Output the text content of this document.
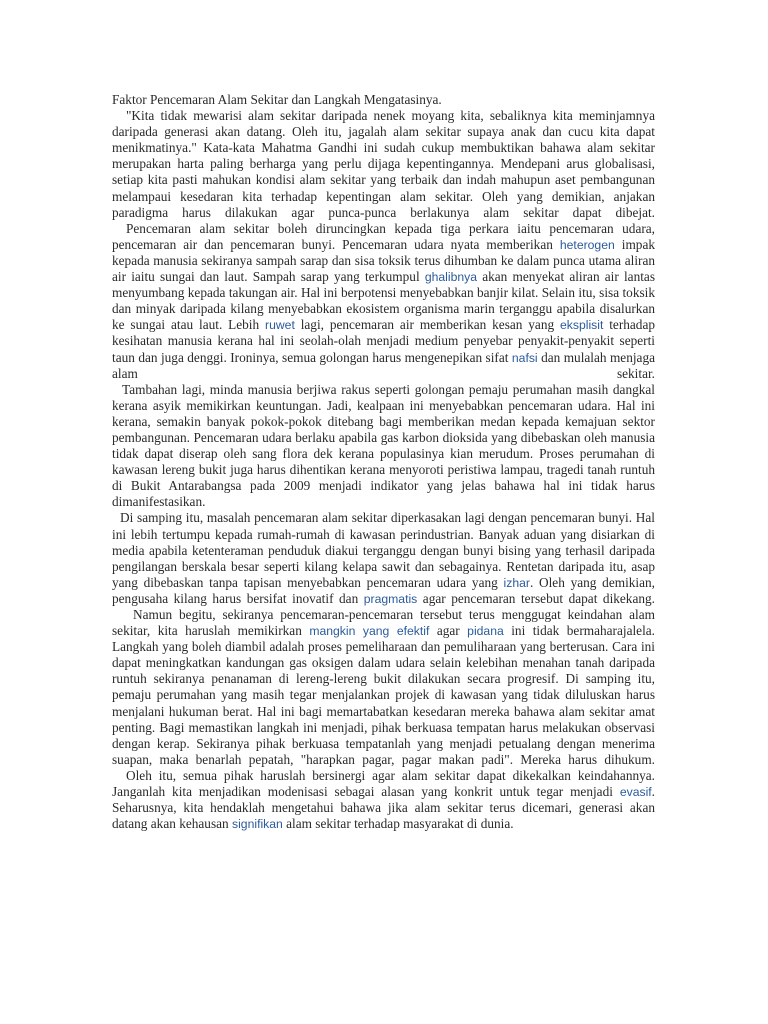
Faktor Pencemaran Alam Sekitar dan Langkah Mengatasinya.

"Kita tidak mewarisi alam sekitar daripada nenek moyang kita, sebaliknya kita meminjamnya daripada generasi akan datang. Oleh itu, jagalah alam sekitar supaya anak dan cucu kita dapat menikmatinya." Kata-kata Mahatma Gandhi ini sudah cukup membuktikan bahawa alam sekitar merupakan harta paling berharga yang perlu dijaga kepentingannya. Mendepani arus globalisasi, setiap kita pasti mahukan kondisi alam sekitar yang terbaik dan indah mahupun aset pembangunan melampaui kesedaran kita terhadap kepentingan alam sekitar. Oleh yang demikian, anjakan paradigma harus dilakukan agar punca-punca berlakunya alam sekitar dapat dibejat.

Pencemaran alam sekitar boleh diruncingkan kepada tiga perkara iaitu pencemaran udara, pencemaran air dan pencemaran bunyi. Pencemaran udara nyata memberikan heterogen impak kepada manusia sekiranya sampah sarap dan sisa toksik terus dihumban ke dalam punca utama aliran air iaitu sungai dan laut. Sampah sarap yang terkumpul ghalibnya akan menyekat aliran air lantas menyumbang kepada takungan air. Hal ini berpotensi menyebabkan banjir kilat. Selain itu, sisa toksik dan minyak daripada kilang menyebabkan ekosistem organisma marin terganggu apabila disalurkan ke sungai atau laut. Lebih ruwet lagi, pencemaran air memberikan kesan yang eksplisit terhadap kesihatan manusia kerana hal ini seolah-olah menjadi medium penyebar penyakit-penyakit seperti taun dan juga denggi. Ironinya, semua golongan harus mengenepikan sifat nafsi dan mulalah menjaga alam sekitar.

Tambahan lagi, minda manusia berjiwa rakus seperti golongan pemaju perumahan masih dangkal kerana asyik memikirkan keuntungan. Jadi, kealpaan ini menyebabkan pencemaran udara. Hal ini kerana, semakin banyak pokok-pokok ditebang bagi memberikan medan kepada kemajuan sektor pembangunan. Pencemaran udara berlaku apabila gas karbon dioksida yang dibebaskan oleh manusia tidak dapat diserap oleh sang flora dek kerana populasinya kian merudum. Proses perumahan di kawasan lereng bukit juga harus dihentikan kerana menyoroti peristiwa lampau, tragedi tanah runtuh di Bukit Antarabangsa pada 2009 menjadi indikator yang jelas bahawa hal ini tidak harus dimanifestasikan.

Di samping itu, masalah pencemaran alam sekitar diperkasakan lagi dengan pencemaran bunyi. Hal ini lebih tertumpu kepada rumah-rumah di kawasan perindustrian. Banyak aduan yang disiarkan di media apabila ketenteraman penduduk diakui terganggu dengan bunyi bising yang terhasil daripada pengilangan berskala besar seperti kilang kelapa sawit dan sebagainya. Rentetan daripada itu, asap yang dibebaskan tanpa tapisan menyebabkan pencemaran udara yang izhar. Oleh yang demikian, pengusaha kilang harus bersifat inovatif dan pragmatis agar pencemaran tersebut dapat dikekang.

Namun begitu, sekiranya pencemaran-pencemaran tersebut terus menggugat keindahan alam sekitar, kita haruslah memikirkan mangkin yang efektif agar pidana ini tidak bermaharajalela. Langkah yang boleh diambil adalah proses pemeliharaan dan pemuliharaan yang berterusan. Cara ini dapat meningkatkan kandungan gas oksigen dalam udara selain kelebihan menahan tanah daripada runtuh sekiranya penanaman di lereng-lereng bukit dilakukan secara progresif. Di samping itu, pemaju perumahan yang masih tegar menjalankan projek di kawasan yang tidak diluluskan harus menjalani hukuman berat. Hal ini bagi memartabatkan kesedaran mereka bahawa alam sekitar amat penting. Bagi memastikan langkah ini menjadi, pihak berkuasa tempatan harus melakukan observasi dengan kerap. Sekiranya pihak berkuasa tempatanlah yang menjadi petualang dengan menerima suapan, maka benarlah pepatah, "harapkan pagar, pagar makan padi". Mereka harus dihukum.

Oleh itu, semua pihak haruslah bersinergi agar alam sekitar dapat dikekalkan keindahannya. Janganlah kita menjadikan modenisasi sebagai alasan yang konkrit untuk tegar menjadi evasif. Seharusnya, kita hendaklah mengetahui bahawa jika alam sekitar terus dicemari, generasi akan datang akan kehausan signifikan alam sekitar terhadap masyarakat di dunia.
